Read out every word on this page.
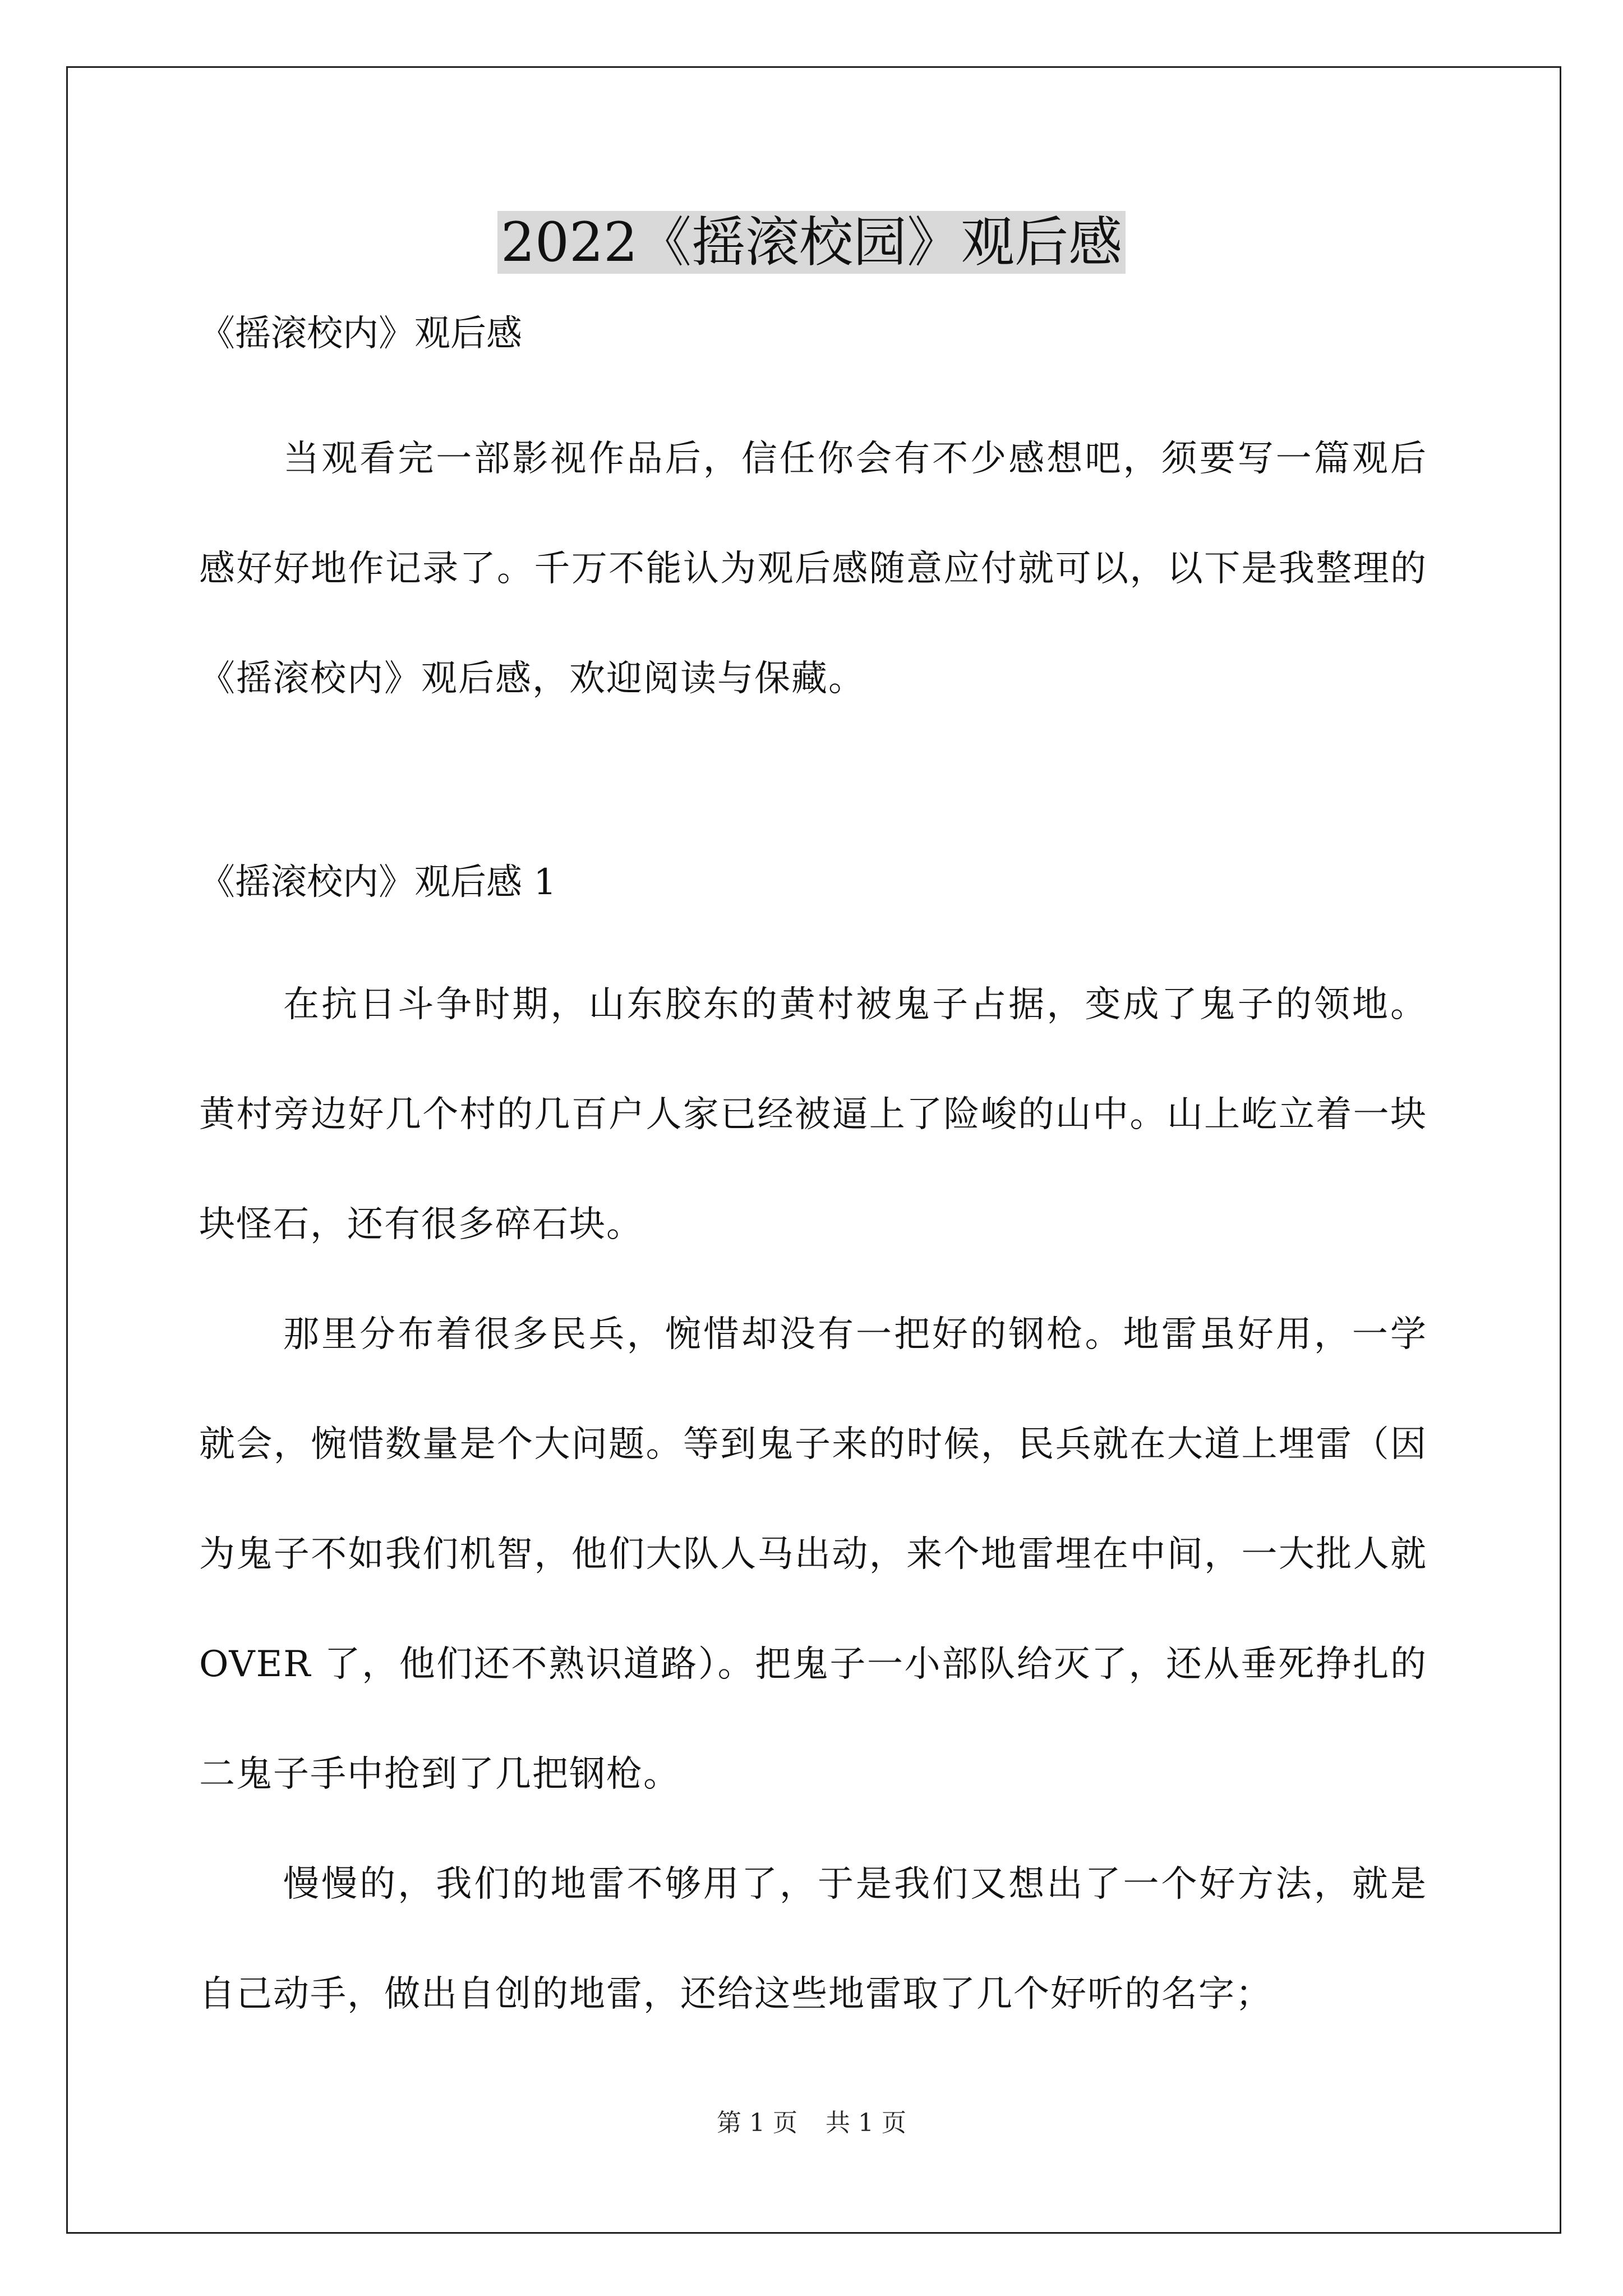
2022《摇滚校园》观后感

《摇滚校内》观后感

当观看完一部影视作品后，信任你会有不少感想吧，须要写一篇观后感好好地作记录了。千万不能认为观后感随意应付就可以，以下是我整理的《摇滚校内》观后感，欢迎阅读与保藏。

《摇滚校内》观后感 1

在抗日斗争时期，山东胶东的黄村被鬼子占据，变成了鬼子的领地。黄村旁边好几个村的几百户人家已经被逼上了险峻的山中。山上屹立着一块块怪石，还有很多碎石块。

那里分布着很多民兵，惋惜却没有一把好的钢枪。地雷虽好用，一学就会，惋惜数量是个大问题。等到鬼子来的时候，民兵就在大道上埋雷（因为鬼子不如我们机智，他们大队人马出动，来个地雷埋在中间，一大批人就 OVER 了，他们还不熟识道路）。把鬼子一小部队给灭了，还从垂死挣扎的二鬼子手中抢到了几把钢枪。

慢慢的，我们的地雷不够用了，于是我们又想出了一个好方法，就是自己动手，做出自创的地雷，还给这些地雷取了几个好听的名字；

第 1 页 共 1 页
